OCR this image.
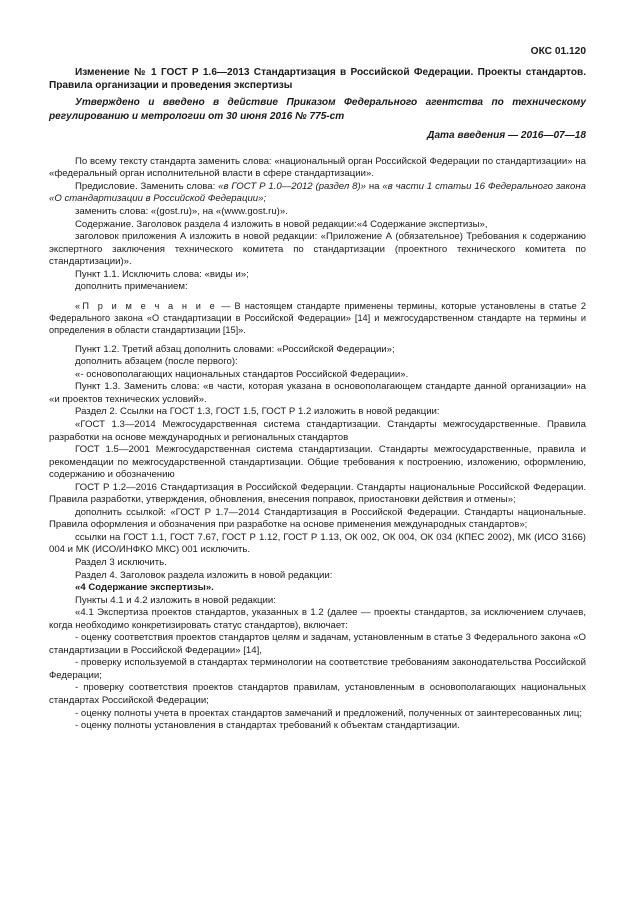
ОКС 01.120

Изменение № 1 ГОСТ Р 1.6—2013 Стандартизация в Российской Федерации. Проекты стандартов. Правила организации и проведения экспертизы

Утверждено и введено в действие Приказом Федерального агентства по техническому регулированию и метрологии от 30 июня 2016 № 775-ст

Дата введения — 2016—07—18

По всему тексту стандарта заменить слова: «национальный орган Российской Федерации по стандартизации» на «федеральный орган исполнительной власти в сфере стандартизации».

Предисловие. Заменить слова: «в ГОСТ Р 1.0—2012 (раздел 8)» на «в части 1 статьи 16 Федерального закона «О стандартизации в Российской Федерации»;

заменить слова: «(gost.ru)», на «(www.gost.ru)».

Содержание. Заголовок раздела 4 изложить в новой редакции:«4 Содержание экспертизы»,

заголовок приложения А изложить в новой редакции: «Приложение А (обязательное) Требования к содержанию экспертного заключения технического комитета по стандартизации (проектного технического комитета по стандартизации)».

Пункт 1.1. Исключить слова: «виды и»;

дополнить примечанием:

«П р и м е ч а н и е — В настоящем стандарте применены термины, которые установлены в статье 2 Федерального закона «О стандартизации в Российской Федерации» [14] и межгосударственном стандарте на термины и определения в области стандартизации [15]».

Пункт 1.2. Третий абзац дополнить словами: «Российской Федерации»;

дополнить абзацем (после первого):

«- основополагающих национальных стандартов Российской Федерации».

Пункт 1.3. Заменить слова: «в части, которая указана в основополагающем стандарте данной организации» на «и проектов технических условий».

Раздел 2. Ссылки на ГОСТ 1.3, ГОСТ 1.5, ГОСТ Р 1.2 изложить в новой редакции:

«ГОСТ 1.3—2014 Межгосударственная система стандартизации. Стандарты межгосударственные. Правила разработки на основе международных и региональных стандартов

ГОСТ 1.5—2001 Межгосударственная система стандартизации. Стандарты межгосударственные, правила и рекомендации по межгосударственной стандартизации. Общие требования к построению, изложению, оформлению, содержанию и обозначению

ГОСТ Р 1.2—2016 Стандартизация в Российской Федерации. Стандарты национальные Российской Федерации. Правила разработки, утверждения, обновления, внесения поправок, приостановки действия и отмены»;

дополнить ссылкой: «ГОСТ Р 1.7—2014 Стандартизация в Российской Федерации. Стандарты национальные. Правила оформления и обозначения при разработке на основе применения международных стандартов»;

ссылки на ГОСТ 1.1, ГОСТ 7.67, ГОСТ Р 1.12, ГОСТ Р 1.13, ОК 002, ОК 004, ОК 034 (КПЕС 2002), МК (ИСО 3166) 004 и МК (ИСО/ИНФКО МКС) 001 исключить.

Раздел 3 исключить.

Раздел 4. Заголовок раздела изложить в новой редакции:

«4 Содержание экспертизы».

Пункты 4.1 и 4.2 изложить в новой редакции:

«4.1 Экспертиза проектов стандартов, указанных в 1.2 (далее — проекты стандартов, за исключением случаев, когда необходимо конкретизировать статус стандартов), включает:

- оценку соответствия проектов стандартов целям и задачам, установленным в статье 3 Федерального закона «О стандартизации в Российской Федерации» [14],

- проверку используемой в стандартах терминологии на соответствие требованиям законодательства Российской Федерации;

- проверку соответствия проектов стандартов правилам, установленным в основополагающих национальных стандартах Российской Федерации;

- оценку полноты учета в проектах стандартов замечаний и предложений, полученных от заинтересованных лиц;

- оценку полноты установления в стандартах требований к объектам стандартизации.
